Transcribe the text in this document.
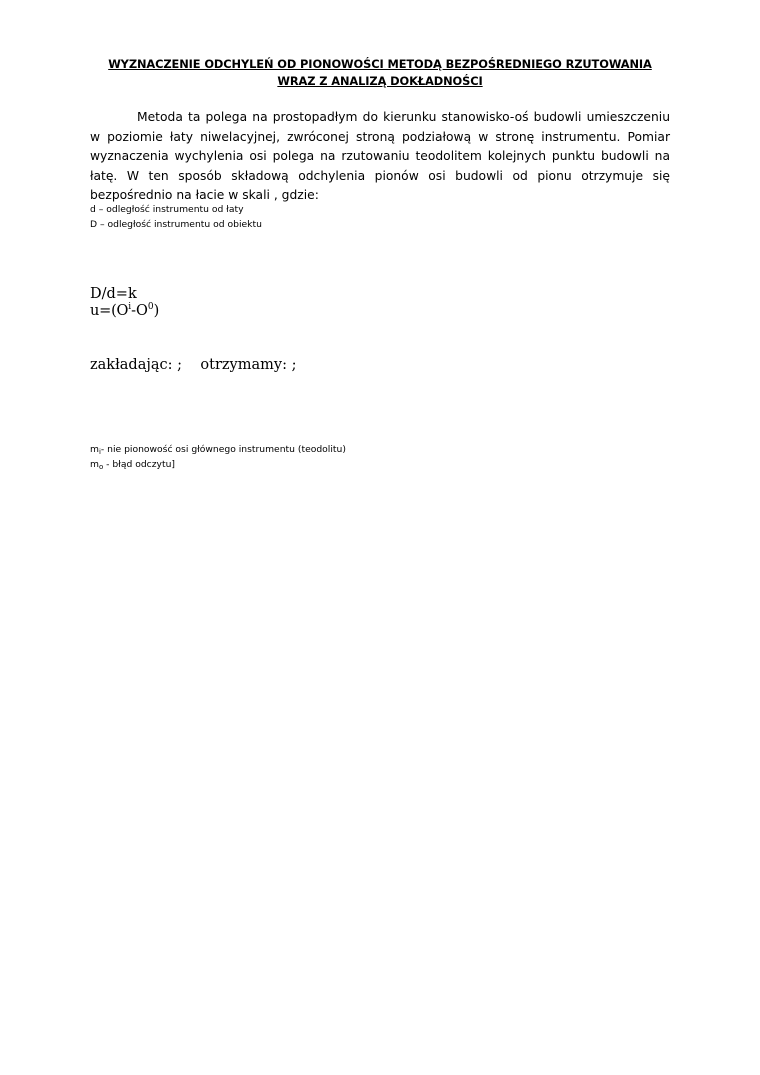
WYZNACZENIE ODCHYLEŃ OD PIONOWOŚCI METODĄ BEZPOŚREDNIEGO RZUTOWANIA
WRAZ Z ANALIZĄ DOKŁADNOŚCI
Metoda ta polega na prostopadłym do kierunku stanowisko-oś budowli umieszczeniu
w poziomie łaty niwelacyjnej, zwróconej stroną podziałową w stronę instrumentu. Pomiar
wyznaczenia wychylenia osi polega na rzutowaniu teodolitem kolejnych punktu budowli na
łatę. W ten sposób składową odchylenia pionów osi budowli od pionu otrzymuje się
bezpośrednio na łacie w skali , gdzie:
d – odległość instrumentu od łaty
D – odległość instrumentu od obiektu
D/d=k
$u=(O^i-O^0)$
zakładając: ;    otrzymamy: ;
$m_i-$ nie pionowość osi głównego instrumentu (teodolitu)
$m_o$ - błąd odczytu]
